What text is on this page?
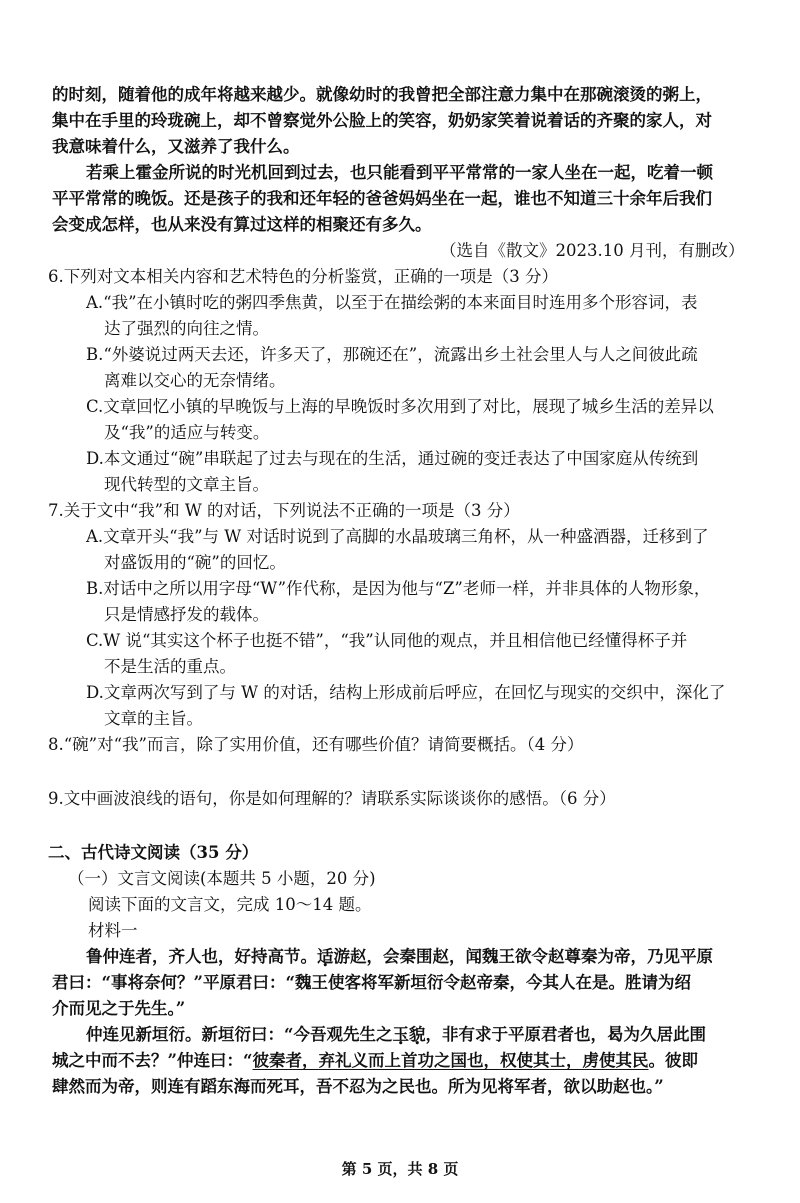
的时刻，随着他的成年将越来越少。就像幼时的我曾把全部注意力集中在那碗滚烫的粥上，
集中在手里的玲珑碗上，却不曾察觉外公脸上的笑容，奶奶家笑着说着话的齐聚的家人，对
我意味着什么，又滋养了我什么。
若乘上霍金所说的时光机回到过去，也只能看到平平常常的一家人坐在一起，吃着一顿
平平常常的晚饭。还是孩子的我和还年轻的爸爸妈妈坐在一起，谁也不知道三十余年后我们
会变成怎样，也从来没有算过这样的相聚还有多久。
（选自《散文》2023.10 月刊，有删改）
6.下列对文本相关内容和艺术特色的分析鉴赏，正确的一项是（3 分）
A.“我”在小镇时吃的粥四季焦黄，以至于在描绘粥的本来面目时连用多个形容词，表
达了强烈的向往之情。
B.“外婆说过两天去还，许多天了，那碗还在”，流露出乡土社会里人与人之间彼此疏
离难以交心的无奈情绪。
C.文章回忆小镇的早晚饭与上海的早晚饭时多次用到了对比，展现了城乡生活的差异以
及“我”的适应与转变。
D.本文通过“碗”串联起了过去与现在的生活，通过碗的变迁表达了中国家庭从传统到
现代转型的文章主旨。
7.关于文中“我”和 W 的对话，下列说法不正确的一项是（3 分）
A.文章开头“我”与 W 对话时说到了高脚的水晶玻璃三角杯，从一种盛酒器，迁移到了
对盛饭用的“碗”的回忆。
B.对话中之所以用字母“W”作代称，是因为他与“Z”老师一样，并非具体的人物形象，
只是情感抒发的载体。
C.W 说“其实这个杯子也挺不错”，“我”认同他的观点，并且相信他已经懂得杯子并
不是生活的重点。
D.文章两次写到了与 W 的对话，结构上形成前后呼应，在回忆与现实的交织中，深化了
文章的主旨。
8.“碗”对“我”而言，除了实用价值，还有哪些价值？请简要概括。（4 分）
9.文中画波浪线的语句，你是如何理解的？请联系实际谈谈你的感悟。（6 分）
二、古代诗文阅读（35 分）
（一）文言文阅读(本题共 5 小题，20 分)
阅读下面的文言文，完成 10～14 题。
材料一
鲁仲连者，齐人也，好持高节。适游赵，会秦围赵，闻魏王欲令赵尊秦为帝，乃见平原
君曰：“事将奈何？”平原君曰：“魏王使客将军新垣衍令赵帝秦，今其人在是。胜请为绍
介而见之于先生。”
仲连见新垣衍。新垣衍曰：“今吾观先生之玉貌，非有求于平原君者也，曷为久居此围
城之中而不去？”仲连曰：“彼秦者，弃礼义而上首功之国也，权使其士，虏使其民。彼即
肆然而为帝，则连有蹈东海而死耳，吾不忍为之民也。所为见将军者，欲以助赵也。”
第 5 页，共 8 页
